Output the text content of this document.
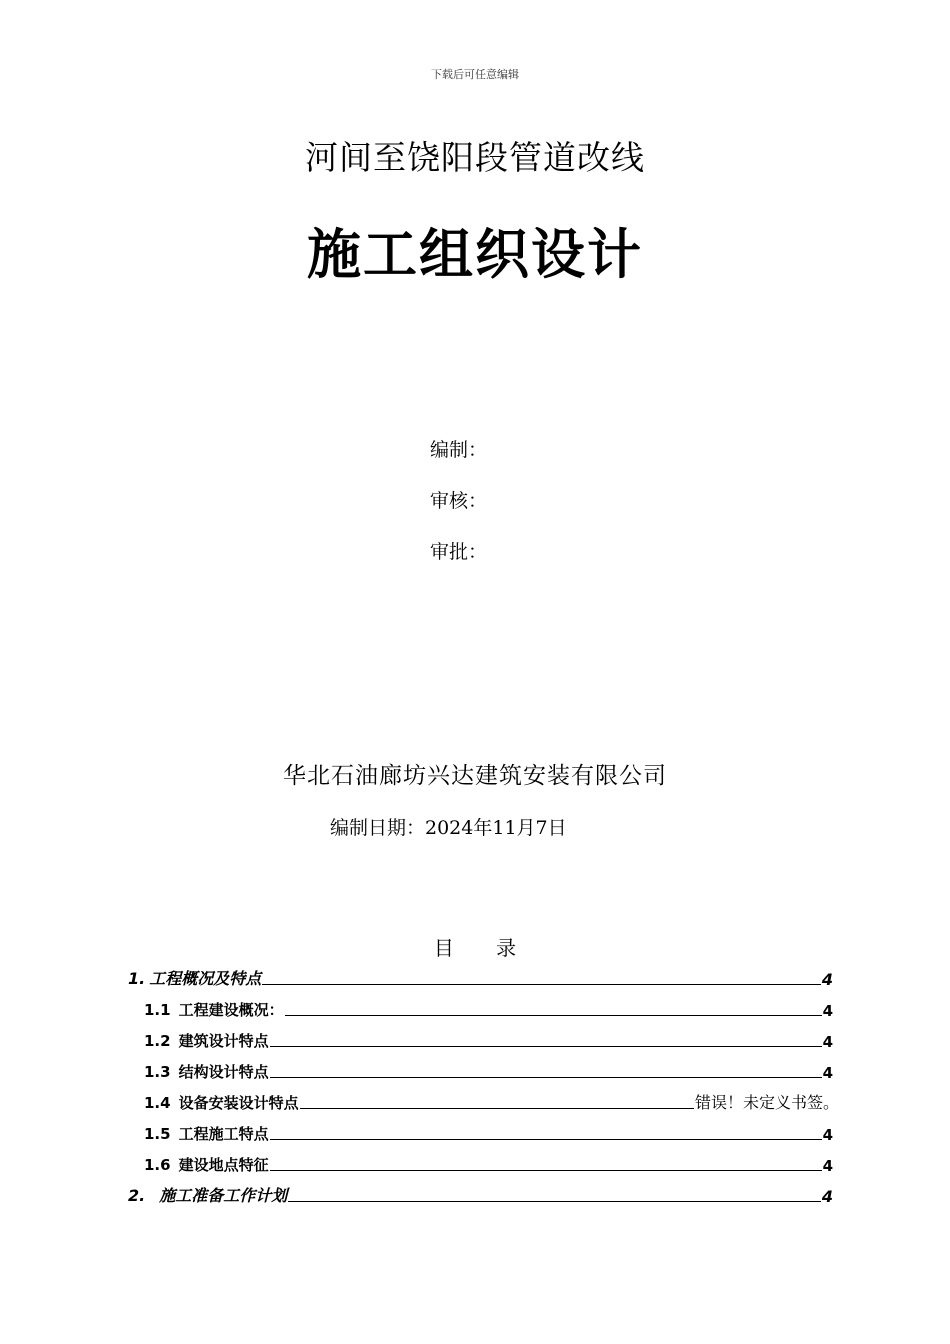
下载后可任意编辑
河间至饶阳段管道改线
施工组织设计
编制：
审核：
审批：
华北石油廊坊兴达建筑安装有限公司
编制日期：2024年11月7日
目 录
1. 工程概况及特点	4
1.1 工程建设概况：	4
1.2 建筑设计特点	4
1.3 结构设计特点	4
1.4 设备安装设计特点	错误！未定义书签。
1.5 工程施工特点	4
1.6 建设地点特征	4
2. 施工准备工作计划	4
